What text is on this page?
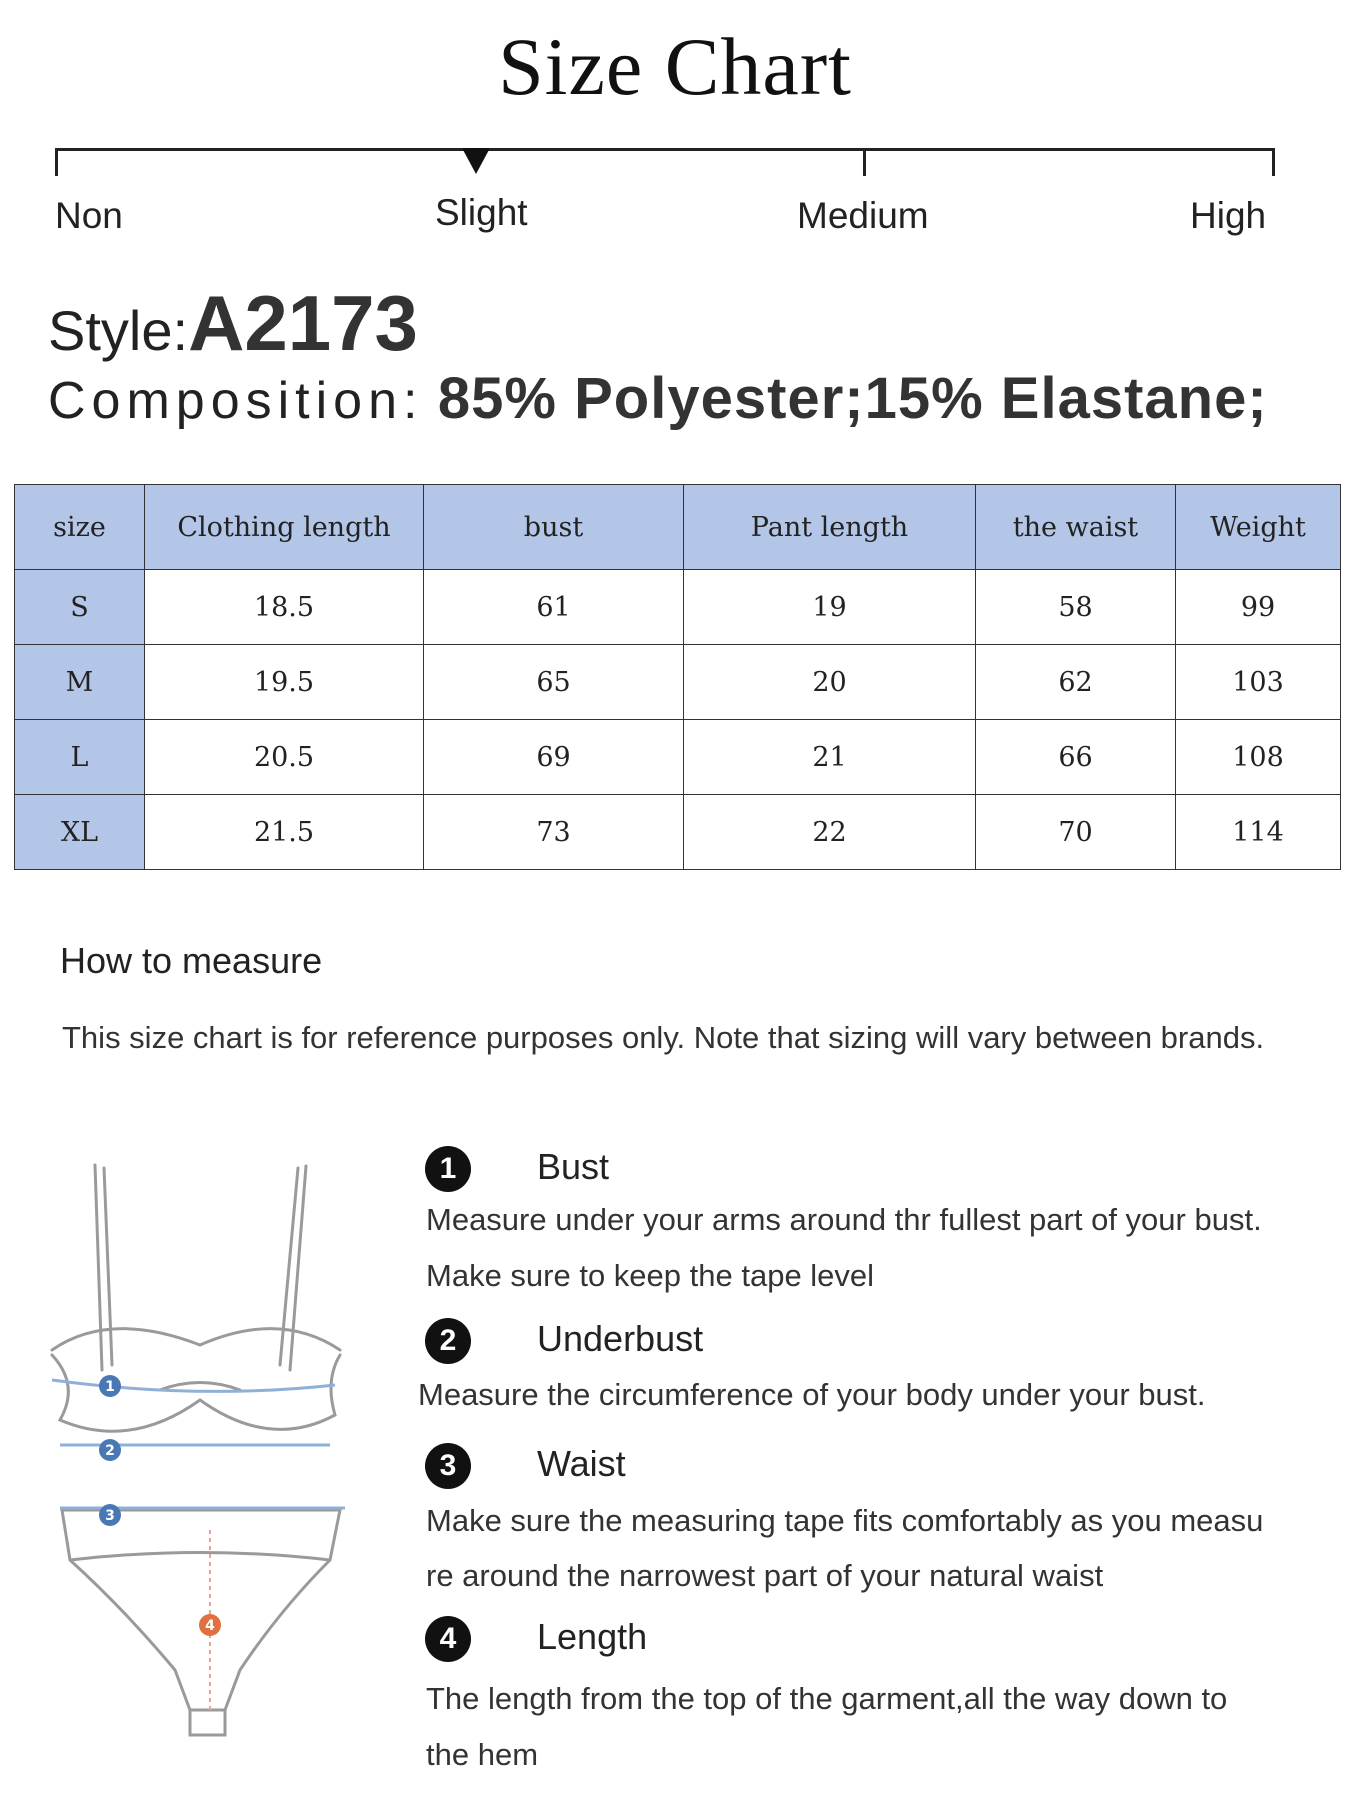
Size Chart
Non	Slight	Medium	High
Style:A2173
Composition: 85% Polyester;15% Elastane;
size	Clothing length	bust	Pant length	the waist	Weight
S	18.5	61	19	58	99
M	19.5	65	20	62	103
L	20.5	69	21	66	108
XL	21.5	73	22	70	114
How to measure
This size chart is for reference purposes only. Note that sizing will vary between brands.
1
2
3
4
1	Bust
Measure under your arms around thr fullest part of your bust.
Make sure to keep the tape level
2	Underbust
Measure the circumference of your body under your bust.
3	Waist
Make sure the measuring tape fits comfortably as you measu
re around the narrowest part of your natural waist
4	Length
The length from the top of the garment,all the way down to
the hem
